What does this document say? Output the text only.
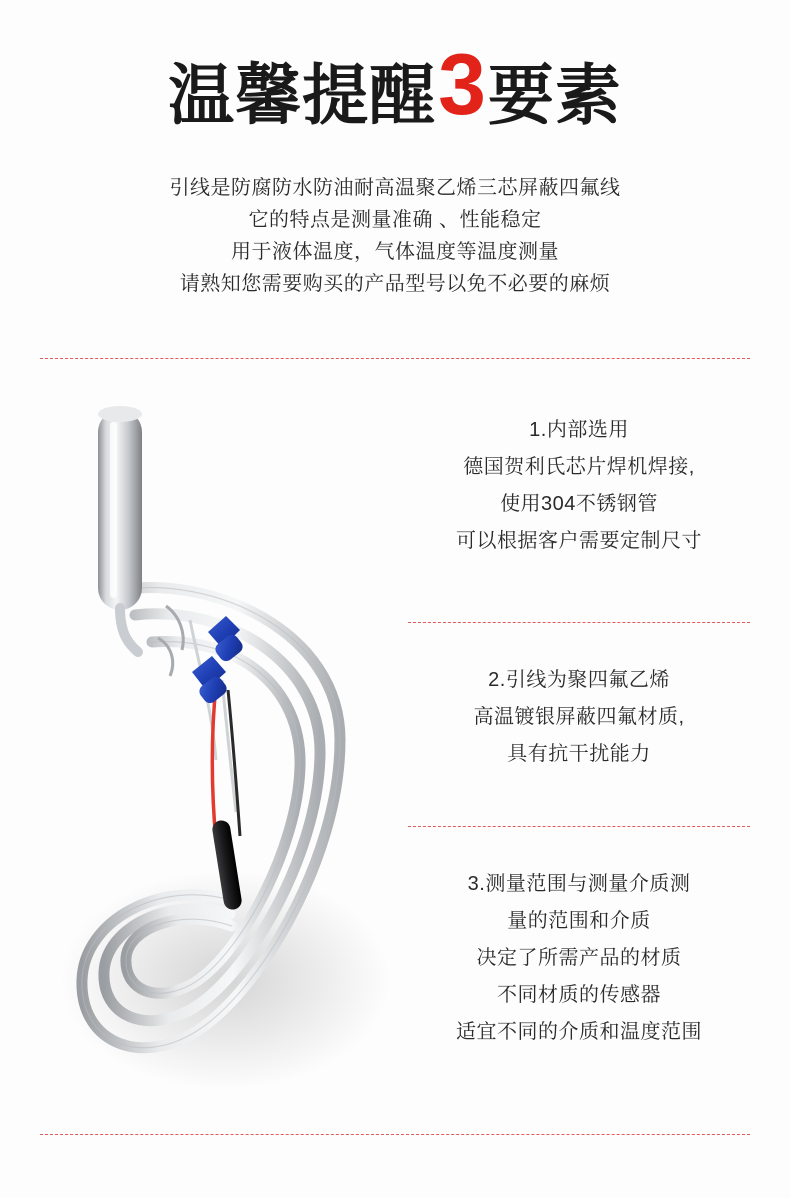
温馨提醒3要素
引线是防腐防水防油耐高温聚乙烯三芯屏蔽四氟线
它的特点是测量准确 、性能稳定
用于液体温度，气体温度等温度测量
请熟知您需要购买的产品型号以免不必要的麻烦
1.内部选用
德国贺利氏芯片焊机焊接,
使用304不锈钢管
可以根据客户需要定制尺寸
2.引线为聚四氟乙烯
高温镀银屏蔽四氟材质,
具有抗干扰能力
3.测量范围与测量介质测
量的范围和介质
决定了所需产品的材质
不同材质的传感器
适宜不同的介质和温度范围
